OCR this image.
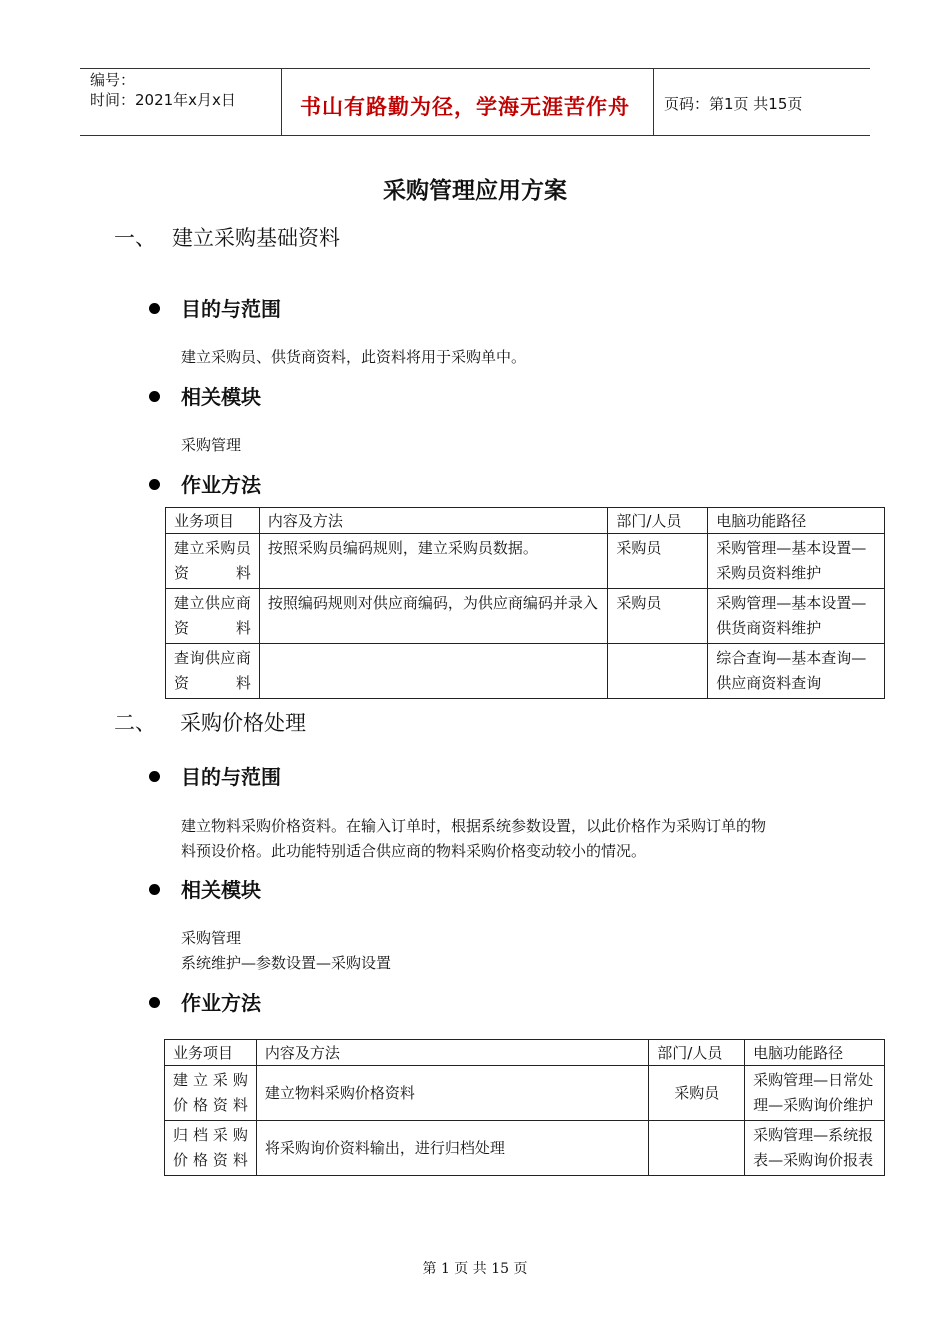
编号：
时间：2021年x月x日	书山有路勤为径，学海无涯苦作舟 页码：第1页 共15页
采购管理应用方案
一、 建立采购基础资料
目的与范围
建立采购员、供货商资料，此资料将用于采购单中。
相关模块
采购管理
作业方法
业务项目	内容及方法	部门/人员	电脑功能路径
建立采购员资料	按照采购员编码规则，建立采购员数据。	采购员	采购管理—基本设置—采购员资料维护
建立供应商资料	按照编码规则对供应商编码，为供应商编码并录入	采购员	采购管理—基本设置—供货商资料维护
查询供应商资料			综合查询—基本查询—供应商资料查询
二、 采购价格处理
目的与范围
建立物料采购价格资料。在输入订单时，根据系统参数设置，以此价格作为采购订单的物
料预设价格。此功能特别适合供应商的物料采购价格变动较小的情况。
相关模块
采购管理
系统维护—参数设置—采购设置
作业方法
业务项目	内容及方法	部门/人员	电脑功能路径
建立采购价格资料	建立物料采购价格资料	采购员	采购管理—日常处理—采购询价维护
归档采购价格资料	将采购询价资料输出，进行归档处理		采购管理—系统报表—采购询价报表
第 1 页 共 15 页
